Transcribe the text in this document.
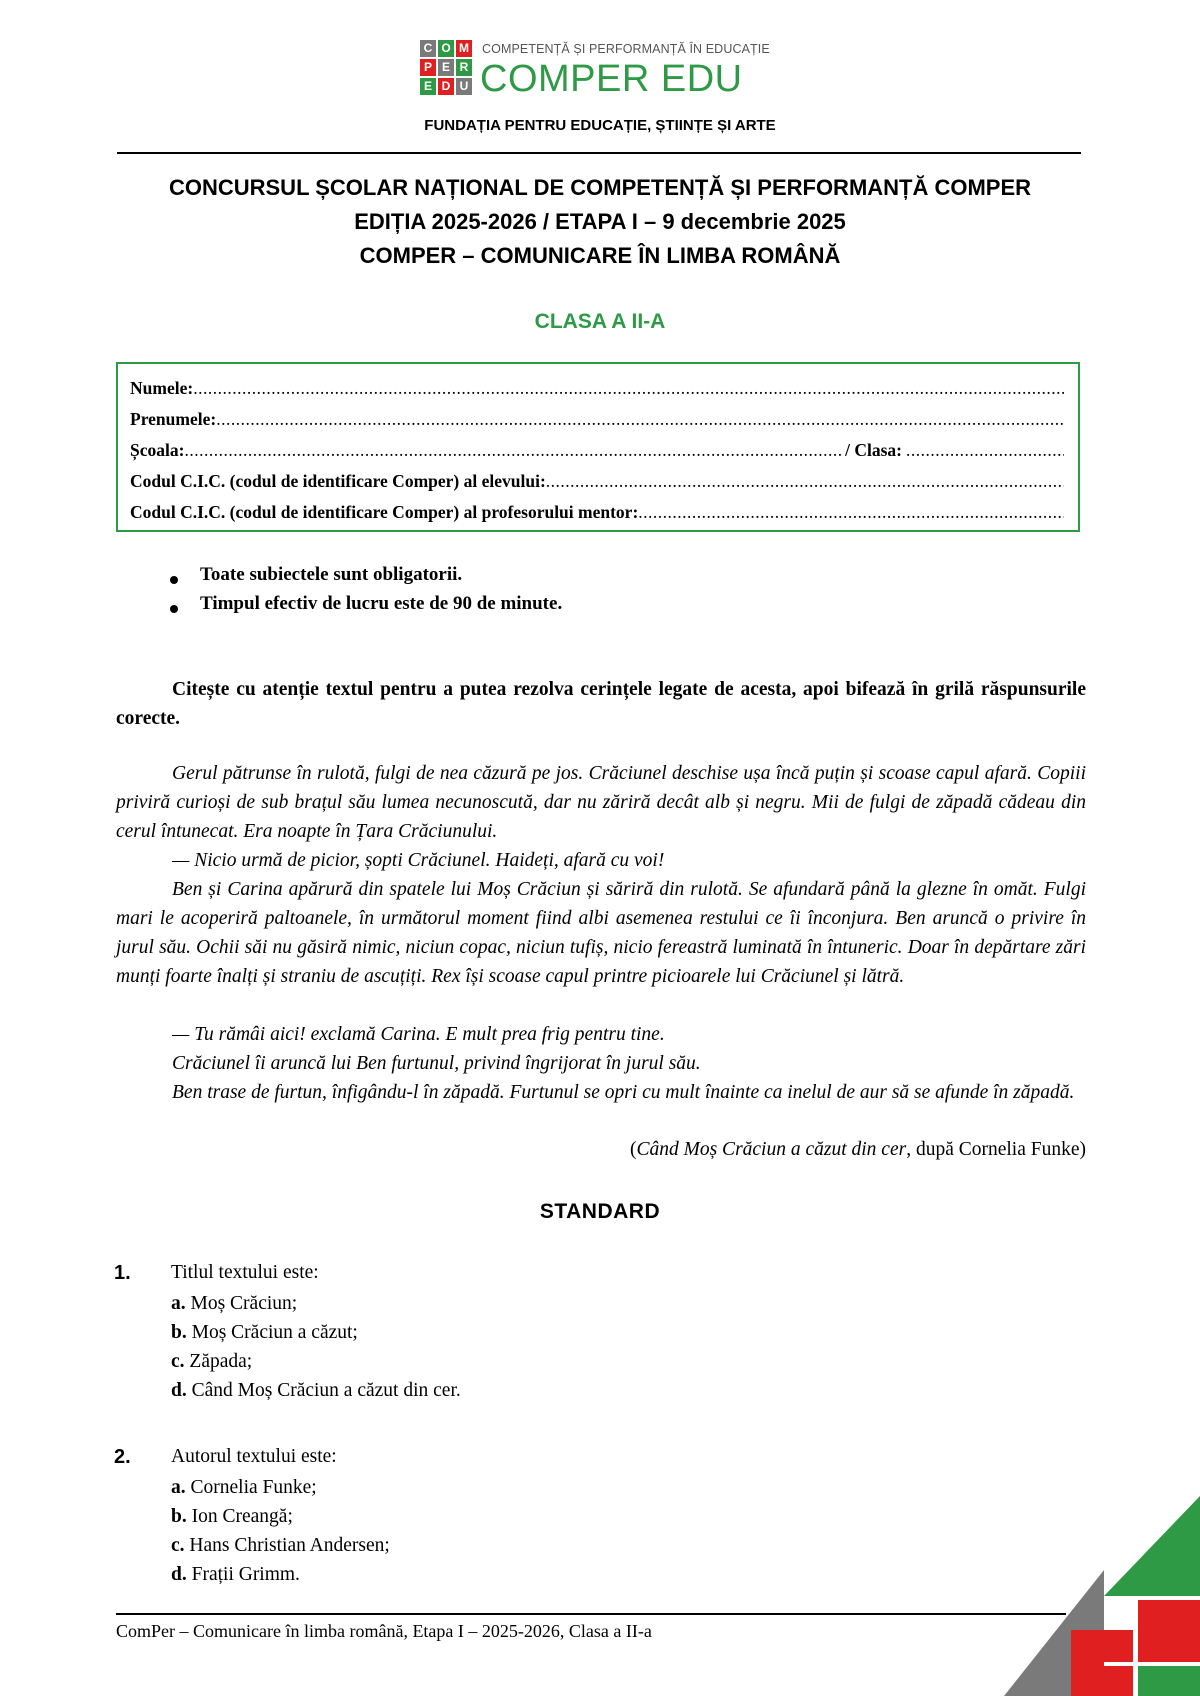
C O M
P E R
E D U
COMPETENȚĂ ȘI PERFORMANȚĂ ÎN EDUCAȚIE
COMPER EDU
FUNDAȚIA PENTRU EDUCAȚIE, ȘTIINȚE ȘI ARTE
CONCURSUL ȘCOLAR NAȚIONAL DE COMPETENȚĂ ȘI PERFORMANȚĂ COMPER
EDIȚIA 2025-2026 / ETAPA I – 9 decembrie 2025
COMPER – COMUNICARE ÎN LIMBA ROMÂNĂ
CLASA A II-A
Numele:
.....
Prenumele:
.....
Școala:
.....	/ Clasa:
.....
Codul C.I.C. (codul de identificare Comper) al elevului:
.....
Codul C.I.C. (codul de identificare Comper) al profesorului mentor:
.....
Toate subiectele sunt obligatorii.
Timpul efectiv de lucru este de 90 de minute.
Citește cu atenție textul pentru a putea rezolva cerințele legate de acesta, apoi bifează în grilă răspunsurile corecte.
Gerul pătrunse în rulotă, fulgi de nea căzură pe jos. Crăciunel deschise ușa încă puțin și scoase capul afară. Copiii priviră curioși de sub brațul său lumea necunoscută, dar nu zăriră decât alb și negru. Mii de fulgi de zăpadă cădeau din cerul întunecat. Era noapte în Țara Crăciunului.
— Nicio urmă de picior, șopti Crăciunel. Haideți, afară cu voi!
Ben și Carina apărură din spatele lui Moș Crăciun și săriră din rulotă. Se afundară până la glezne în omăt. Fulgi mari le acoperiră paltoanele, în următorul moment fiind albi asemenea restului ce îi înconjura. Ben aruncă o privire în jurul său. Ochii săi nu găsiră nimic, niciun copac, niciun tufiș, nicio fereastră luminată în întuneric. Doar în depărtare zări munți foarte înalți și straniu de ascuțiți. Rex își scoase capul printre picioarele lui Crăciunel și lătră.
— Tu rămâi aici! exclamă Carina. E mult prea frig pentru tine.
Crăciunel îi aruncă lui Ben furtunul, privind îngrijorat în jurul său.
Ben trase de furtun, înfigându-l în zăpadă. Furtunul se opri cu mult înainte ca inelul de aur să se afunde în zăpadă.
(Când Moș Crăciun a căzut din cer, după Cornelia Funke)
STANDARD
1. Titlul textului este:
a. Moș Crăciun;
b. Moș Crăciun a căzut;
c. Zăpada;
d. Când Moș Crăciun a căzut din cer.
2. Autorul textului este:
a. Cornelia Funke;
b. Ion Creangă;
c. Hans Christian Andersen;
d. Frații Grimm.
ComPer – Comunicare în limba română, Etapa I – 2025-2026, Clasa a II-a
1
